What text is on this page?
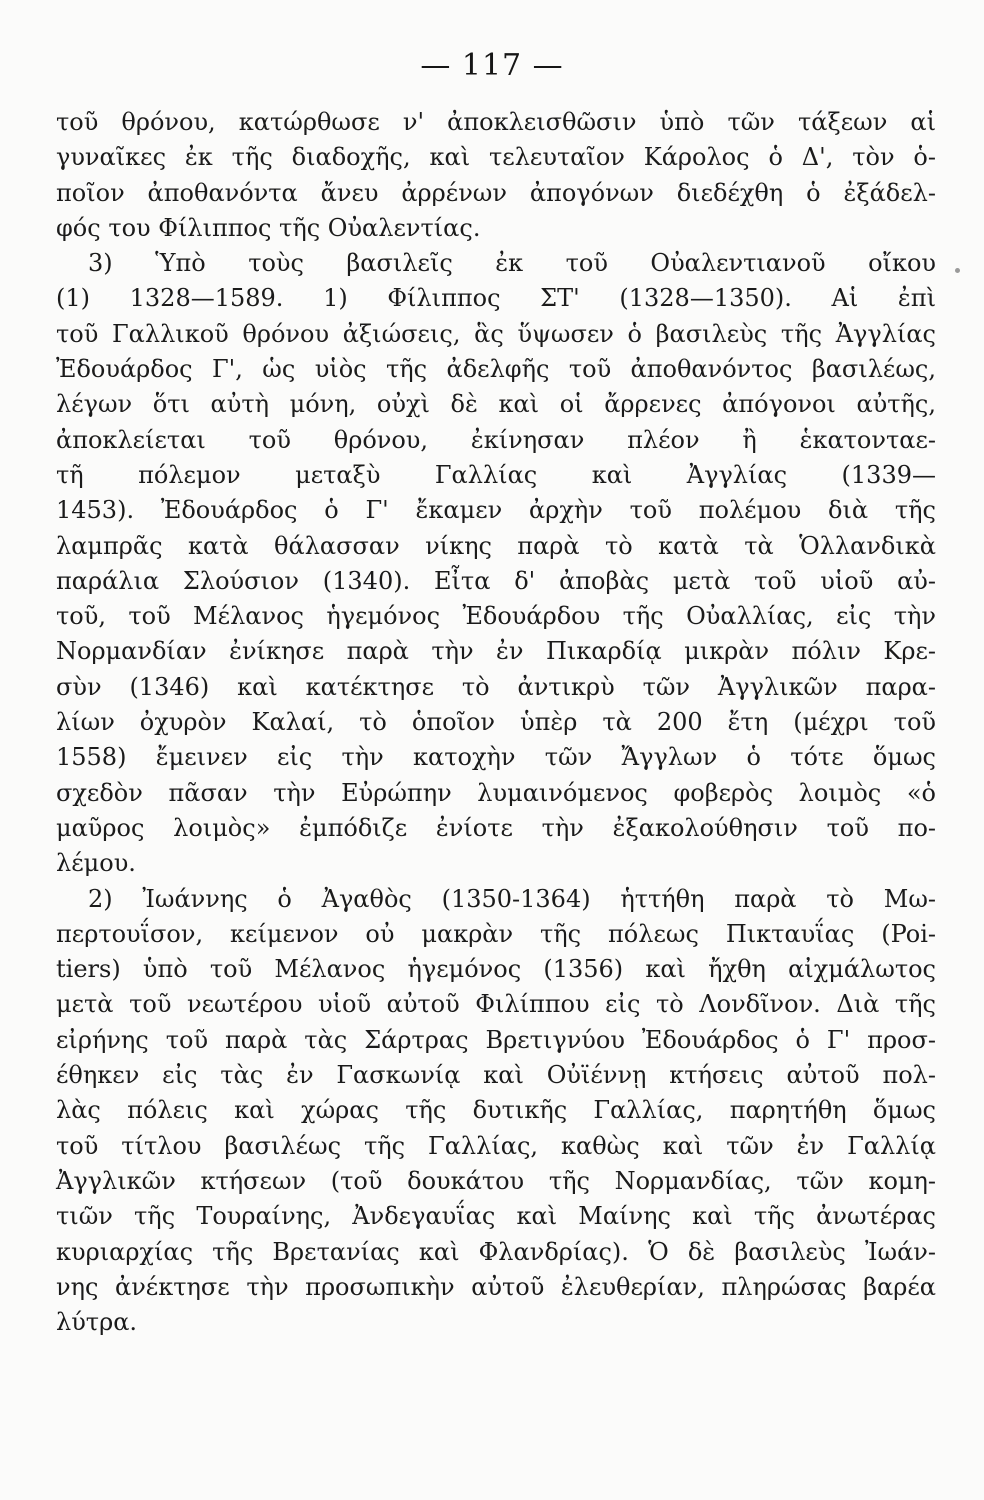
— 117 —
τοῦ θρόνου, κατώρθωσε ν' ἀποκλεισθῶσιν ὑπὸ τῶν τάξεων αἱ
γυναῖκες ἐκ τῆς διαδοχῆς, καὶ τελευταῖον Κάρολος ὁ Δ', τὸν ὁ-
ποῖον ἀποθανόντα ἄνευ ἀρρένων ἀπογόνων διεδέχθη ὁ ἐξάδελ-
φός του Φίλιππος τῆς Οὐαλεντίας.
3) Ὑπὸ τοὺς βασιλεῖς ἐκ τοῦ Οὐαλεντιανοῦ οἴκου
(1) 1328—1589. 1) Φίλιππος ΣΤ' (1328—1350). Αἱ ἐπὶ
τοῦ Γαλλικοῦ θρόνου ἀξιώσεις, ἃς ὕψωσεν ὁ βασιλεὺς τῆς Ἀγγλίας
Ἐδουάρδος Γ', ὡς υἱὸς τῆς ἀδελφῆς τοῦ ἀποθανόντος βασιλέως,
λέγων ὅτι αὐτὴ μόνη, οὐχὶ δὲ καὶ οἱ ἄρρενες ἀπόγονοι αὐτῆς,
ἀποκλείεται τοῦ θρόνου, ἐκίνησαν πλέον ἢ ἑκατονταε-
τῆ πόλεμον μεταξὺ Γαλλίας καὶ Ἀγγλίας (1339—
1453). Ἐδουάρδος ὁ Γ' ἔκαμεν ἀρχὴν τοῦ πολέμου διὰ τῆς
λαμπρᾶς κατὰ θάλασσαν νίκης παρὰ τὸ κατὰ τὰ Ὁλλανδικὰ
παράλια Σλούσιον (1340). Εἶτα δ' ἀποβὰς μετὰ τοῦ υἱοῦ αὐ-
τοῦ, τοῦ Μέλανος ἡγεμόνος Ἐδουάρδου τῆς Οὐαλλίας, εἰς τὴν
Νορμανδίαν ἐνίκησε παρὰ τὴν ἐν Πικαρδίᾳ μικρὰν πόλιν Κρε-
σὺν (1346) καὶ κατέκτησε τὸ ἀντικρὺ τῶν Ἀγγλικῶν παρα-
λίων ὀχυρὸν Καλαί, τὸ ὁποῖον ὑπὲρ τὰ 200 ἔτη (μέχρι τοῦ
1558) ἔμεινεν εἰς τὴν κατοχὴν τῶν Ἄγγλων ὁ τότε ὅμως
σχεδὸν πᾶσαν τὴν Εὐρώπην λυμαινόμενος φοβερὸς λοιμὸς «ὁ
μαῦρος λοιμὸς» ἐμπόδιζε ἐνίοτε τὴν ἐξακολούθησιν τοῦ πο-
λέμου.
2) Ἰωάννης ὁ Ἀγαθὸς (1350-1364) ἡττήθη παρὰ τὸ Μω-
περτουΐσον, κείμενον οὐ μακρὰν τῆς πόλεως Πικταυΐας (Poi-
tiers) ὑπὸ τοῦ Μέλανος ἡγεμόνος (1356) καὶ ἤχθη αἰχμάλωτος
μετὰ τοῦ νεωτέρου υἱοῦ αὐτοῦ Φιλίππου εἰς τὸ Λονδῖνον. Διὰ τῆς
εἰρήνης τοῦ παρὰ τὰς Σάρτρας Βρετιγνύου Ἐδουάρδος ὁ Γ' προσ-
έθηκεν εἰς τὰς ἐν Γασκωνίᾳ καὶ Οὐϊέννῃ κτήσεις αὐτοῦ πολ-
λὰς πόλεις καὶ χώρας τῆς δυτικῆς Γαλλίας, παρητήθη ὅμως
τοῦ τίτλου βασιλέως τῆς Γαλλίας, καθὼς καὶ τῶν ἐν Γαλλίᾳ
Ἀγγλικῶν κτήσεων (τοῦ δουκάτου τῆς Νορμανδίας, τῶν κομη-
τιῶν τῆς Τουραίνης, Ἀνδεγαυΐας καὶ Μαίνης καὶ τῆς ἀνωτέρας
κυριαρχίας τῆς Βρετανίας καὶ Φλανδρίας). Ὁ δὲ βασιλεὺς Ἰωάν-
νης ἀνέκτησε τὴν προσωπικὴν αὐτοῦ ἐλευθερίαν, πληρώσας βαρέα
λύτρα.
